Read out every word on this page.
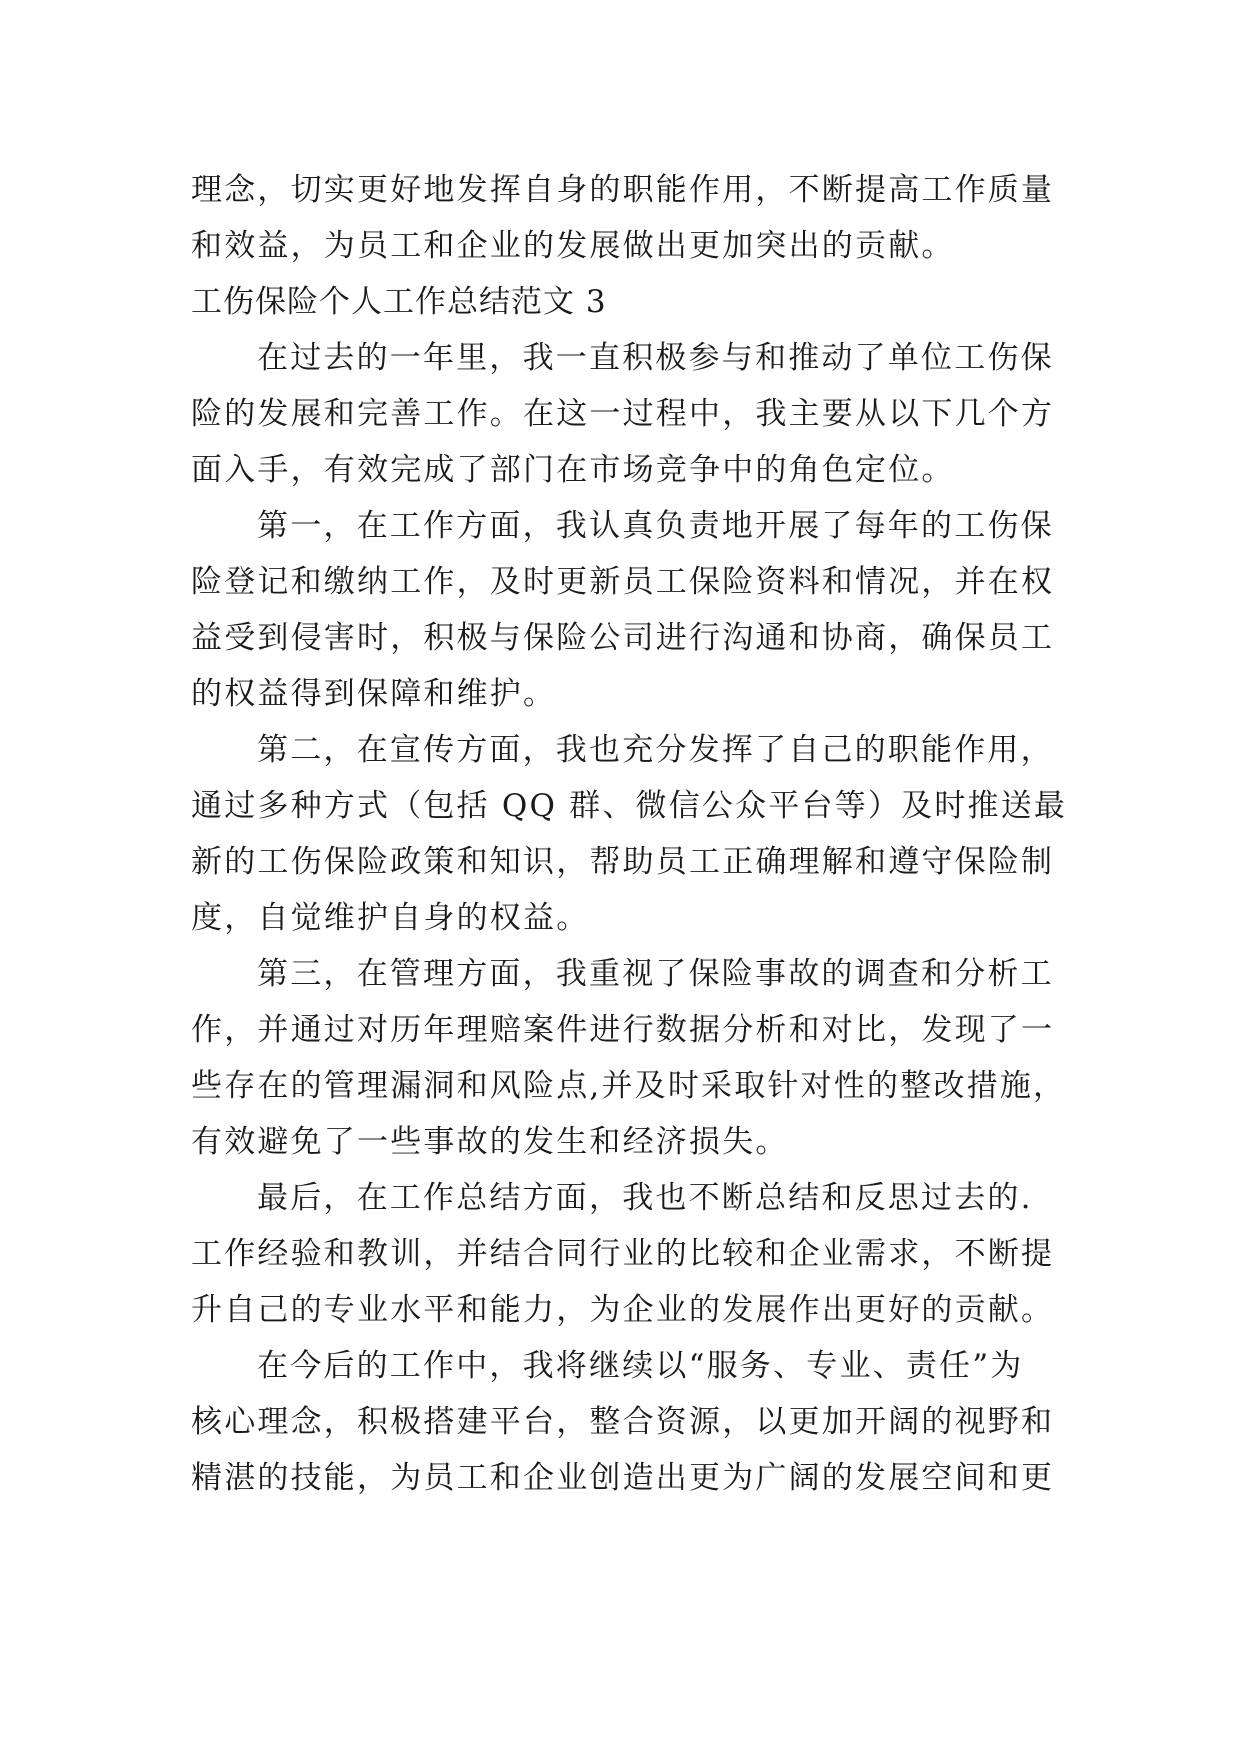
理念，切实更好地发挥自身的职能作用，不断提高工作质量
和效益，为员工和企业的发展做出更加突出的贡献。
工伤保险个人工作总结范文 3
在过去的一年里，我一直积极参与和推动了单位工伤保
险的发展和完善工作。在这一过程中，我主要从以下几个方
面入手，有效完成了部门在市场竞争中的角色定位。
第一，在工作方面，我认真负责地开展了每年的工伤保
险登记和缴纳工作，及时更新员工保险资料和情况，并在权
益受到侵害时，积极与保险公司进行沟通和协商，确保员工
的权益得到保障和维护。
第二，在宣传方面，我也充分发挥了自己的职能作用，
通过多种方式（包括 QQ 群、微信公众平台等）及时推送最
新的工伤保险政策和知识，帮助员工正确理解和遵守保险制
度，自觉维护自身的权益。
第三，在管理方面，我重视了保险事故的调查和分析工
作，并通过对历年理赔案件进行数据分析和对比，发现了一
些存在的管理漏洞和风险点,并及时采取针对性的整改措施，
有效避免了一些事故的发生和经济损失。
最后，在工作总结方面，我也不断总结和反思过去的.
工作经验和教训，并结合同行业的比较和企业需求，不断提
升自己的专业水平和能力，为企业的发展作出更好的贡献。
在今后的工作中，我将继续以“服务、专业、责任”为
核心理念，积极搭建平台，整合资源，以更加开阔的视野和
精湛的技能，为员工和企业创造出更为广阔的发展空间和更
